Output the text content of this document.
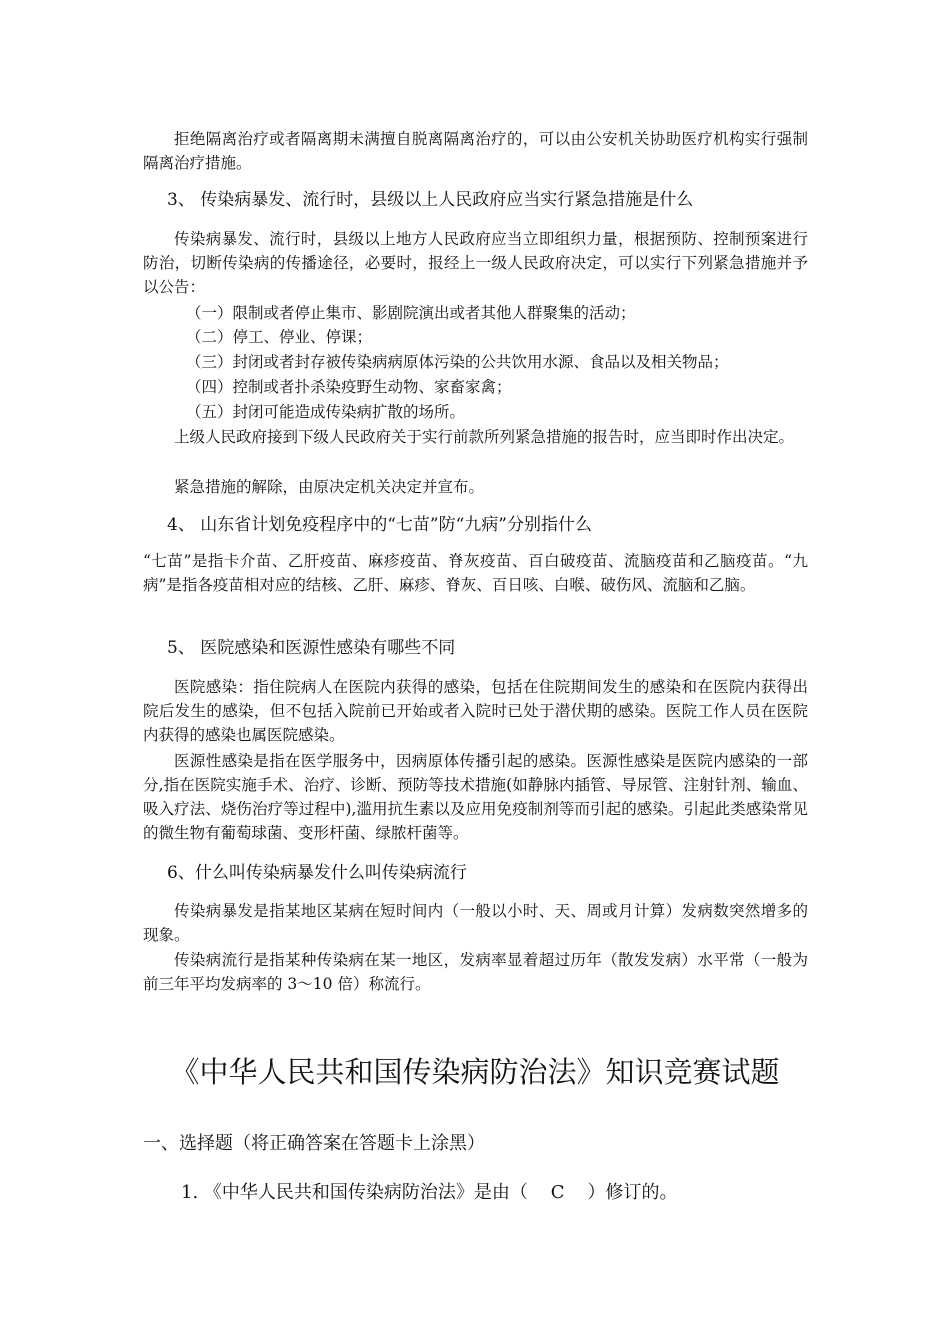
拒绝隔离治疗或者隔离期未满擅自脱离隔离治疗的，可以由公安机关协助医疗机构实行强制隔离治疗措施。

3、 传染病暴发、流行时，县级以上人民政府应当实行紧急措施是什么

传染病暴发、流行时，县级以上地方人民政府应当立即组织力量，根据预防、控制预案进行防治，切断传染病的传播途径，必要时，报经上一级人民政府决定，可以实行下列紧急措施并予以公告：

（一）限制或者停止集市、影剧院演出或者其他人群聚集的活动；

（二）停工、停业、停课；

（三）封闭或者封存被传染病病原体污染的公共饮用水源、食品以及相关物品；

（四）控制或者扑杀染疫野生动物、家畜家禽；

（五）封闭可能造成传染病扩散的场所。

上级人民政府接到下级人民政府关于实行前款所列紧急措施的报告时，应当即时作出决定。

紧急措施的解除，由原决定机关决定并宣布。

4、 山东省计划免疫程序中的“七苗”防“九病”分别指什么

“七苗”是指卡介苗、乙肝疫苗、麻疹疫苗、脊灰疫苗、百白破疫苗、流脑疫苗和乙脑疫苗。“九病”是指各疫苗相对应的结核、乙肝、麻疹、脊灰、百日咳、白喉、破伤风、流脑和乙脑。

5、 医院感染和医源性感染有哪些不同

医院感染：指住院病人在医院内获得的感染，包括在住院期间发生的感染和在医院内获得出院后发生的感染，但不包括入院前已开始或者入院时已处于潜伏期的感染。医院工作人员在医院内获得的感染也属医院感染。

医源性感染是指在医学服务中，因病原体传播引起的感染。医源性感染是医院内感染的一部分,指在医院实施手术、治疗、诊断、预防等技术措施(如静脉内插管、导尿管、注射针剂、输血、吸入疗法、烧伤治疗等过程中),滥用抗生素以及应用免疫制剂等而引起的感染。引起此类感染常见的微生物有葡萄球菌、变形杆菌、绿脓杆菌等。

6、什么叫传染病暴发什么叫传染病流行

传染病暴发是指某地区某病在短时间内（一般以小时、天、周或月计算）发病数突然增多的现象。

传染病流行是指某种传染病在某一地区，发病率显着超过历年（散发发病）水平常（一般为前三年平均发病率的 3～10 倍）称流行。

《中华人民共和国传染病防治法》知识竞赛试题

一、选择题（将正确答案在答题卡上涂黑）

1. 《中华人民共和国传染病防治法》是由（    C    ）修订的。
